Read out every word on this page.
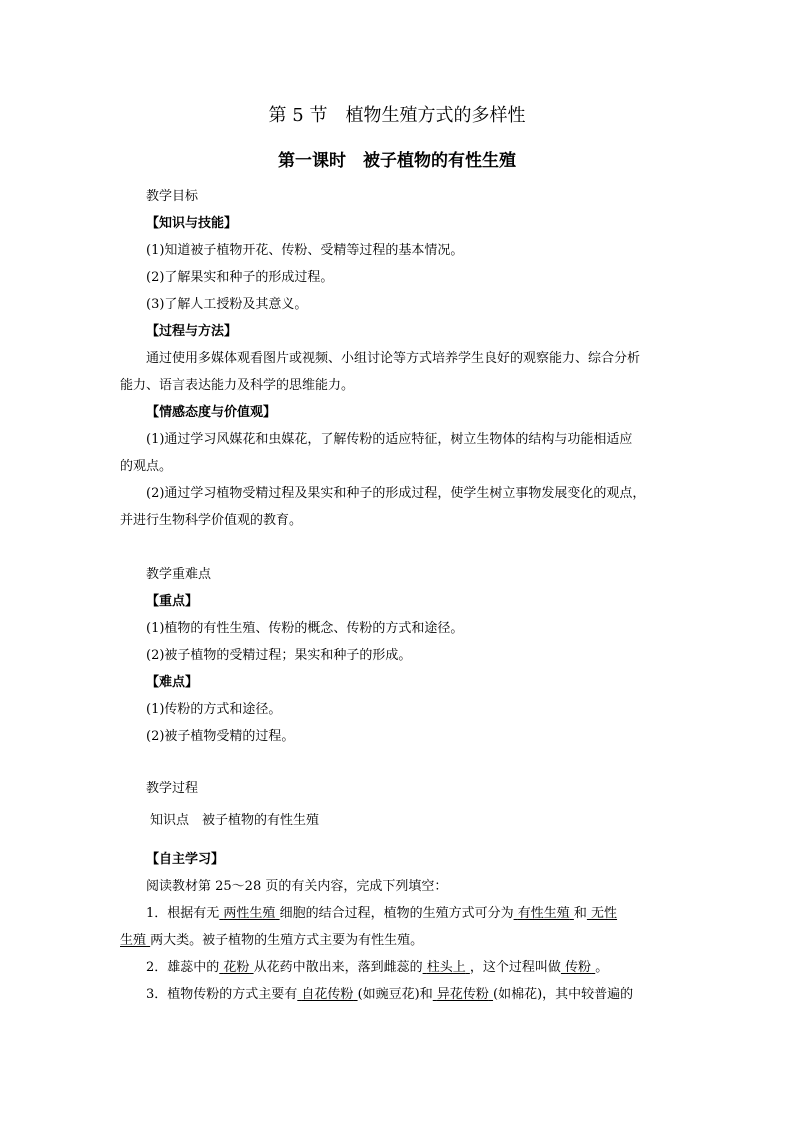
第 5 节　植物生殖方式的多样性
第一课时　被子植物的有性生殖
教学目标
【知识与技能】
(1)知道被子植物开花、传粉、受精等过程的基本情况。
(2)了解果实和种子的形成过程。
(3)了解人工授粉及其意义。
【过程与方法】
通过使用多媒体观看图片或视频、小组讨论等方式培养学生良好的观察能力、综合分析
能力、语言表达能力及科学的思维能力。
【情感态度与价值观】
(1)通过学习风媒花和虫媒花，了解传粉的适应特征，树立生物体的结构与功能相适应
的观点。
(2)通过学习植物受精过程及果实和种子的形成过程，使学生树立事物发展变化的观点，
并进行生物科学价值观的教育。
教学重难点
【重点】
(1)植物的有性生殖、传粉的概念、传粉的方式和途径。
(2)被子植物的受精过程；果实和种子的形成。
【难点】
(1)传粉的方式和途径。
(2)被子植物受精的过程。
教学过程
知识点　被子植物的有性生殖
【自主学习】
阅读教材第 25～28 页的有关内容，完成下列填空：
1．根据有无 两性生殖 细胞的结合过程，植物的生殖方式可分为 有性生殖 和 无性
生殖 两大类。被子植物的生殖方式主要为有性生殖。
2．雄蕊中的 花粉 从花药中散出来，落到雌蕊的 柱头上 ，这个过程叫做 传粉 。
3．植物传粉的方式主要有 自花传粉 (如豌豆花)和 异花传粉 (如棉花)，其中较普遍的
